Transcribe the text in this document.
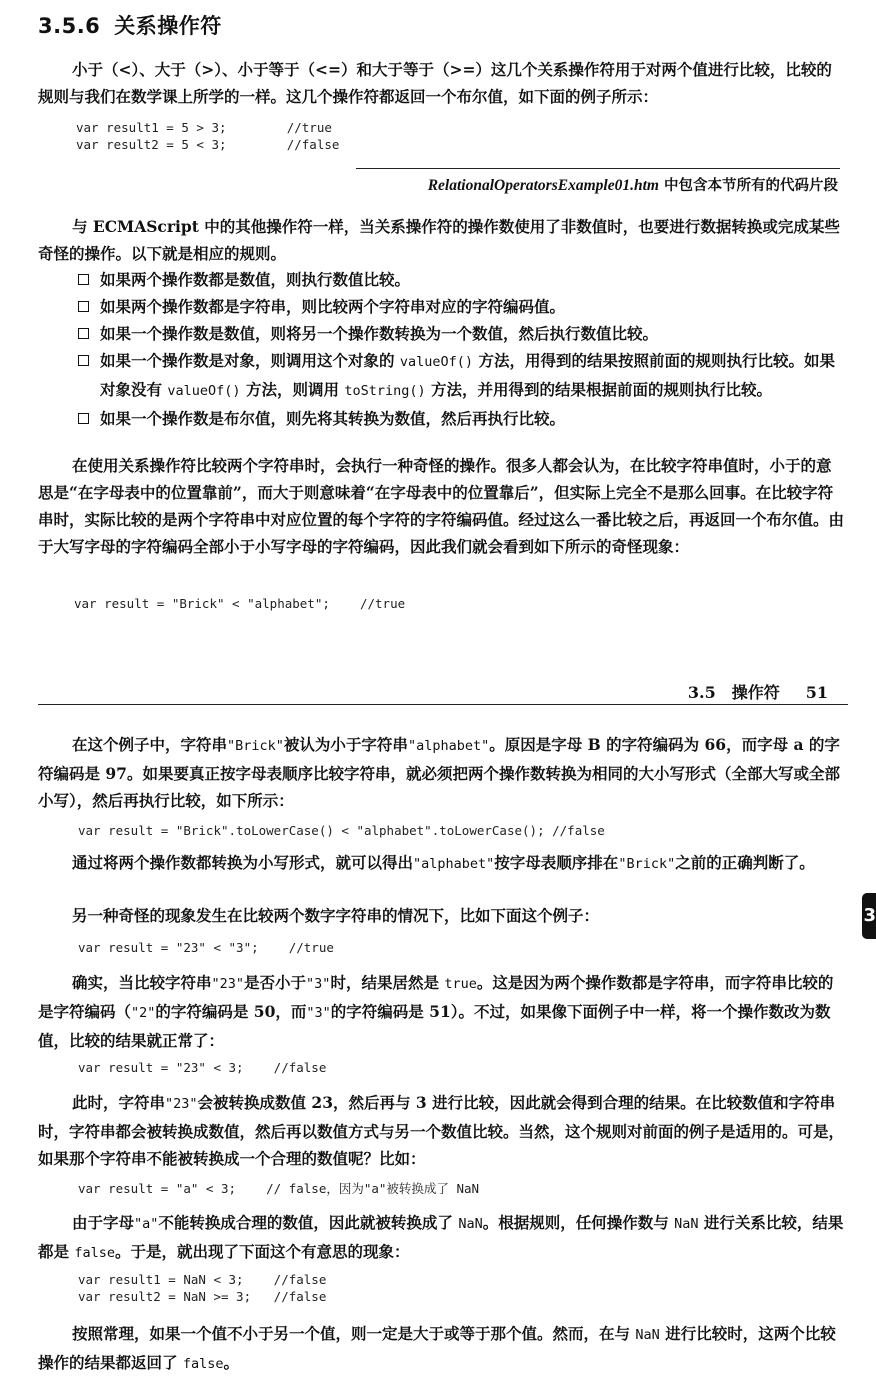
3.5.6 关系操作符

小于（<）、大于（>）、小于等于（<=）和大于等于（>=）这几个关系操作符用于对两个值进行比较，比较的规则与我们在数学课上所学的一样。这几个操作符都返回一个布尔值，如下面的例子所示：

var result1 = 5 > 3;        //true
var result2 = 5 < 3;        //false
RelationalOperatorsExample01.htm 中包含本节所有的代码片段

与 ECMAScript 中的其他操作符一样，当关系操作符的操作数使用了非数值时，也要进行数据转换或完成某些奇怪的操作。以下就是相应的规则。

如果两个操作数都是数值，则执行数值比较。
如果两个操作数都是字符串，则比较两个字符串对应的字符编码值。
如果一个操作数是数值，则将另一个操作数转换为一个数值，然后执行数值比较。
如果一个操作数是对象，则调用这个对象的 valueOf() 方法，用得到的结果按照前面的规则执行比较。如果对象没有 valueOf() 方法，则调用 toString() 方法，并用得到的结果根据前面的规则执行比较。
如果一个操作数是布尔值，则先将其转换为数值，然后再执行比较。

在使用关系操作符比较两个字符串时，会执行一种奇怪的操作。很多人都会认为，在比较字符串值时，小于的意思是“在字母表中的位置靠前”，而大于则意味着“在字母表中的位置靠后”，但实际上完全不是那么回事。在比较字符串时，实际比较的是两个字符串中对应位置的每个字符的字符编码值。经过这么一番比较之后，再返回一个布尔值。由于大写字母的字符编码全部小于小写字母的字符编码，因此我们就会看到如下所示的奇怪现象：

var result = "Brick" < "alphabet";    //true
3.5 操作符 51

在这个例子中，字符串"Brick"被认为小于字符串"alphabet"。原因是字母 B 的字符编码为 66，而字母 a 的字符编码是 97。如果要真正按字母表顺序比较字符串，就必须把两个操作数转换为相同的大小写形式（全部大写或全部小写），然后再执行比较，如下所示：

var result = "Brick".toLowerCase() < "alphabet".toLowerCase(); //false

通过将两个操作数都转换为小写形式，就可以得出"alphabet"按字母表顺序排在"Brick"之前的正确判断了。

另一种奇怪的现象发生在比较两个数字字符串的情况下，比如下面这个例子：

var result = "23" < "3";    //true

确实，当比较字符串"23"是否小于"3"时，结果居然是 true。这是因为两个操作数都是字符串，而字符串比较的是字符编码（"2"的字符编码是 50，而"3"的字符编码是 51）。不过，如果像下面例子中一样，将一个操作数改为数值，比较的结果就正常了：

var result = "23" < 3;    //false

此时，字符串"23"会被转换成数值 23，然后再与 3 进行比较，因此就会得到合理的结果。在比较数值和字符串时，字符串都会被转换成数值，然后再以数值方式与另一个数值比较。当然，这个规则对前面的例子是适用的。可是，如果那个字符串不能被转换成一个合理的数值呢？比如：

var result = "a" < 3;    // false，因为"a"被转换成了 NaN

由于字母"a"不能转换成合理的数值，因此就被转换成了 NaN。根据规则，任何操作数与 NaN 进行关系比较，结果都是 false。于是，就出现了下面这个有意思的现象：

var result1 = NaN < 3;    //false
var result2 = NaN >= 3;   //false

按照常理，如果一个值不小于另一个值，则一定是大于或等于那个值。然而，在与 NaN 进行比较时，这两个比较操作的结果都返回了 false。

3
